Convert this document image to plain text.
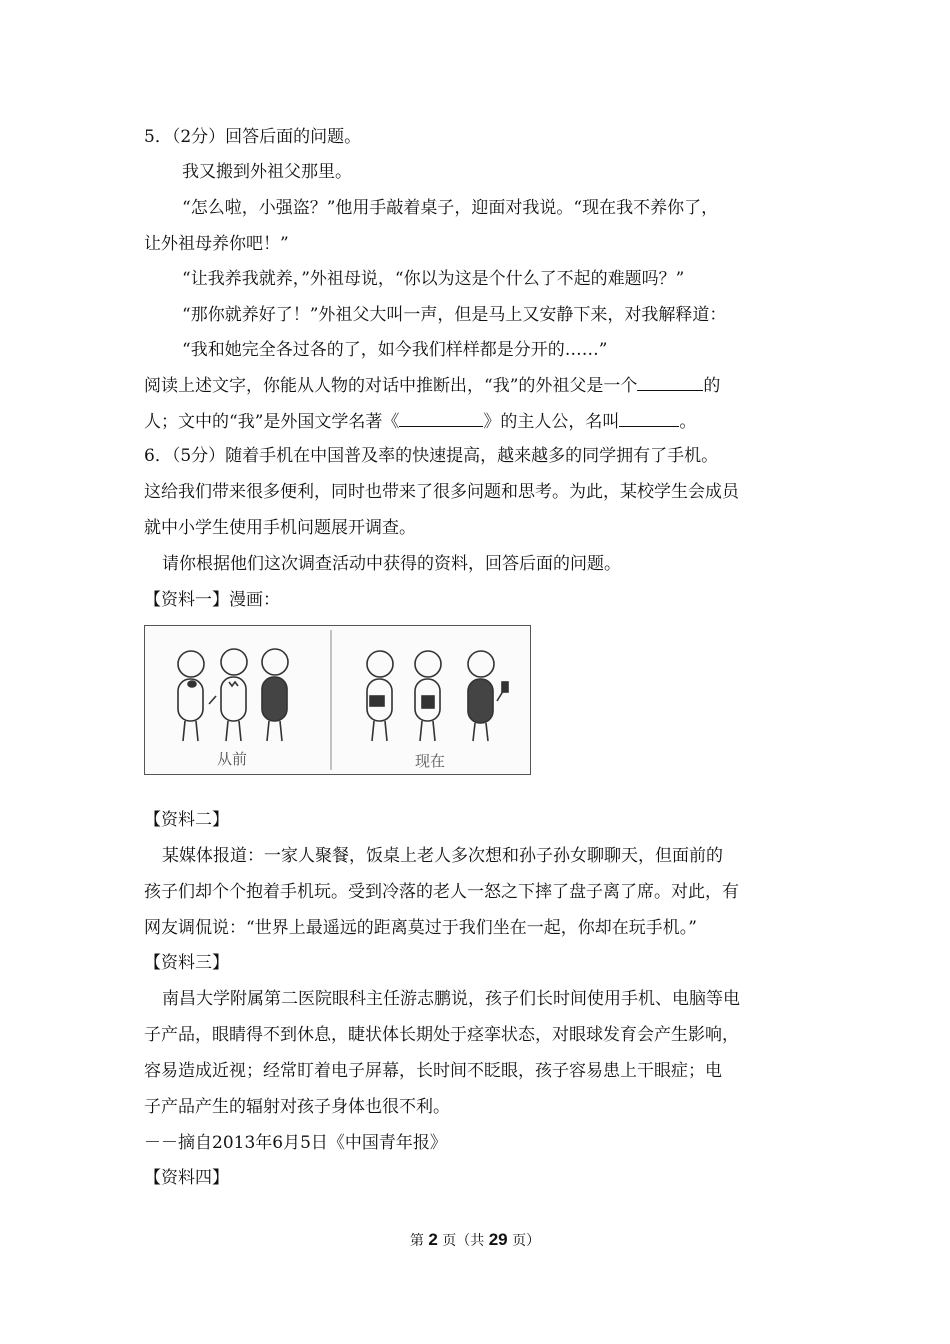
5．（2分）回答后面的问题。
我又搬到外祖父那里。
“怎么啦，小强盗？”他用手敲着桌子，迎面对我说。“现在我不养你了，
让外祖母养你吧！”
“让我养我就养，”外祖母说，“你以为这是个什么了不起的难题吗？”
“那你就养好了！”外祖父大叫一声，但是马上又安静下来，对我解释道：
“我和她完全各过各的了，如今我们样样都是分开的……”
阅读上述文字，你能从人物的对话中推断出，“我”的外祖父是一个	的
人；文中的“我”是外国文学名著《	》的主人公，名叫	。
6．（5分）随着手机在中国普及率的快速提高，越来越多的同学拥有了手机。
这给我们带来很多便利，同时也带来了很多问题和思考。为此，某校学生会成员
就中小学生使用手机问题展开调查。
请你根据他们这次调查活动中获得的资料，回答后面的问题。
【资料一】漫画：
从前	现在
【资料二】
某媒体报道：一家人聚餐，饭桌上老人多次想和孙子孙女聊聊天，但面前的
孩子们却个个抱着手机玩。受到冷落的老人一怒之下摔了盘子离了席。对此，有
网友调侃说：“世界上最遥远的距离莫过于我们坐在一起，你却在玩手机。”
【资料三】
南昌大学附属第二医院眼科主任游志鹏说，孩子们长时间使用手机、电脑等电
子产品，眼睛得不到休息，睫状体长期处于痉挛状态，对眼球发育会产生影响，
容易造成近视；经常盯着电子屏幕，长时间不眨眼，孩子容易患上干眼症；电
子产品产生的辐射对孩子身体也很不利。
－－摘自2013年6月5日《中国青年报》
【资料四】
第 2 页（共 29 页）
